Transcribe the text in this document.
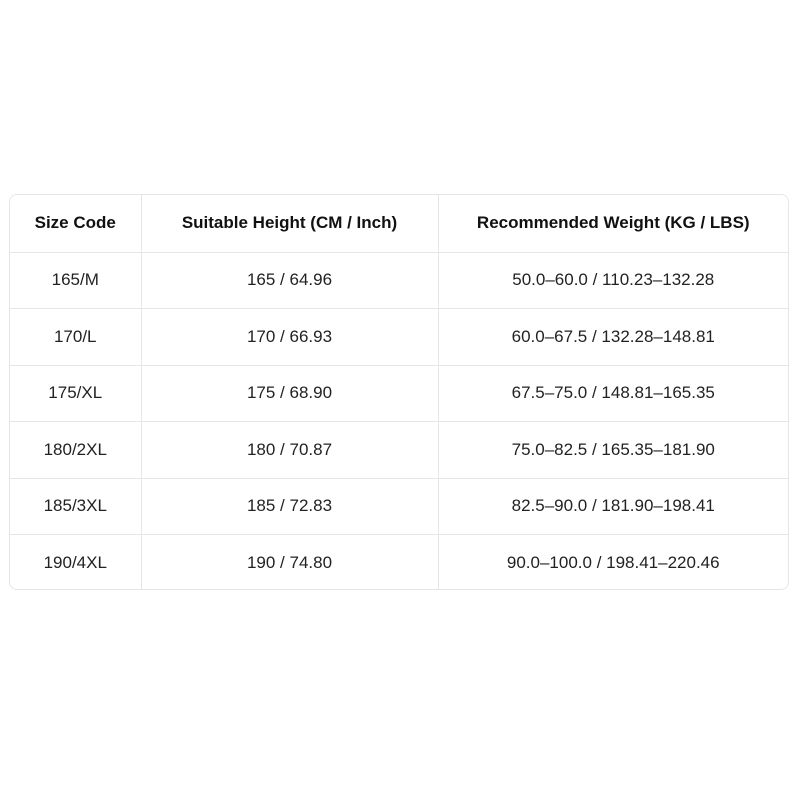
Size Code	Suitable Height (CM / Inch)	Recommended Weight (KG / LBS)
165/M	165 / 64.96	50.0–60.0 / 110.23–132.28
170/L	170 / 66.93	60.0–67.5 / 132.28–148.81
175/XL	175 / 68.90	67.5–75.0 / 148.81–165.35
180/2XL	180 / 70.87	75.0–82.5 / 165.35–181.90
185/3XL	185 / 72.83	82.5–90.0 / 181.90–198.41
190/4XL	190 / 74.80	90.0–100.0 / 198.41–220.46
